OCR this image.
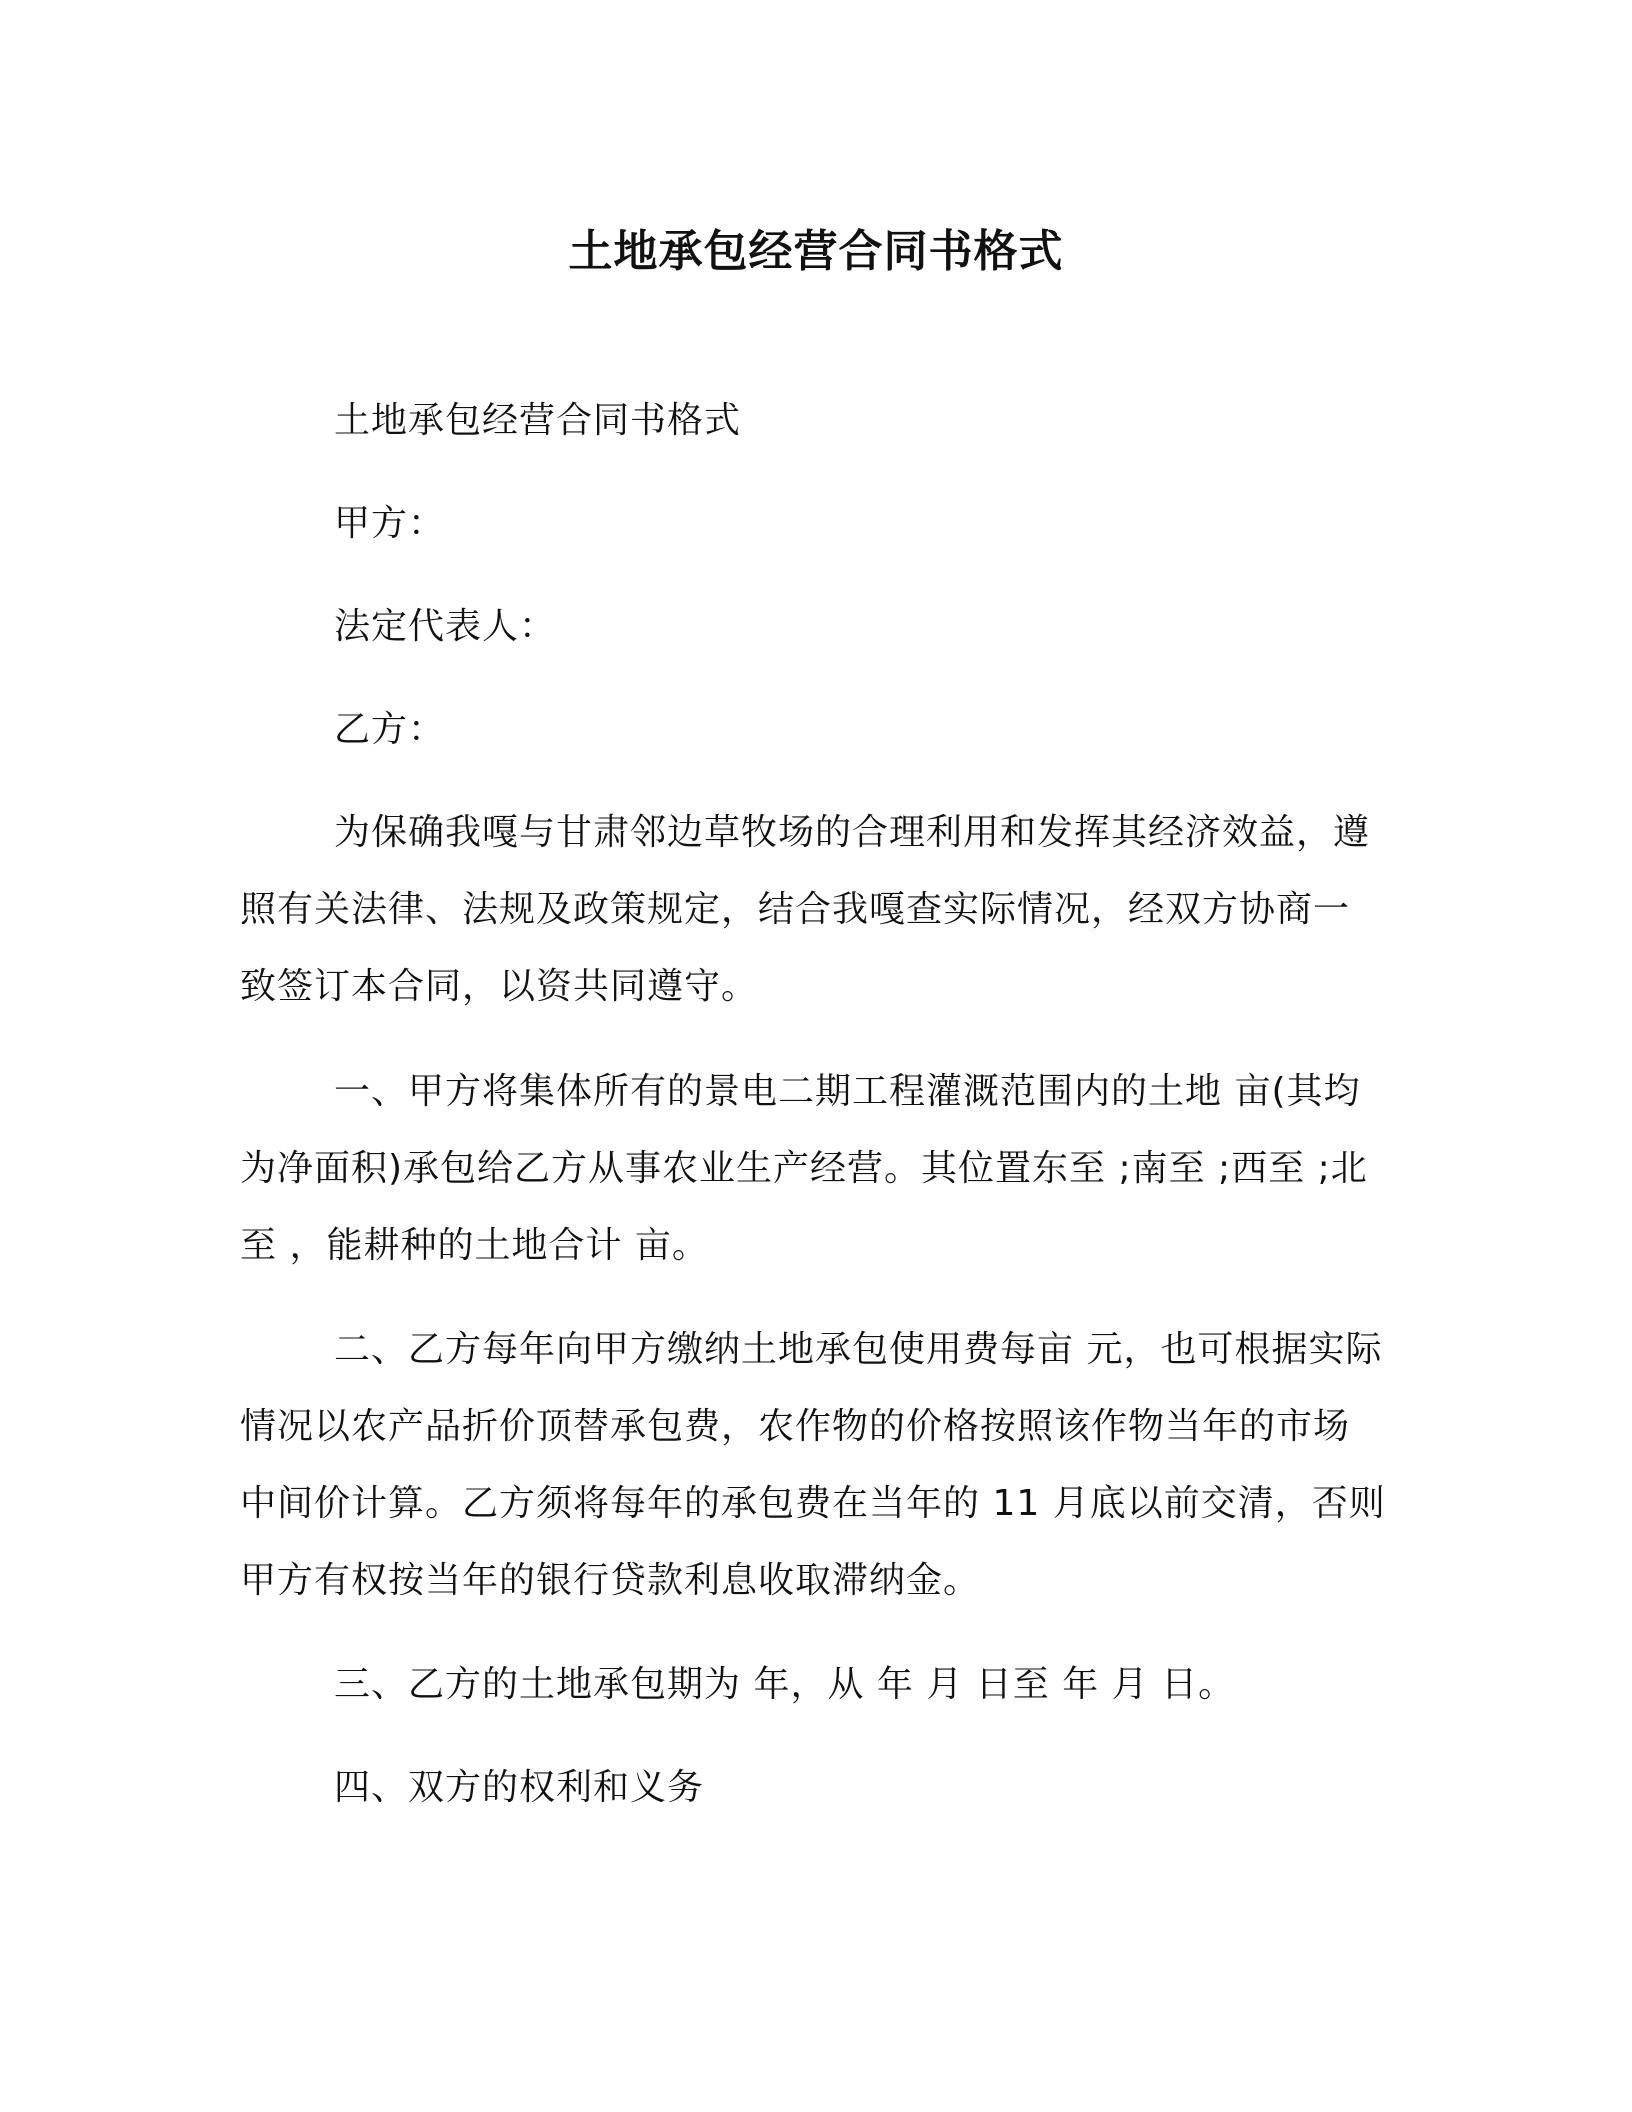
土地承包经营合同书格式
土地承包经营合同书格式
甲方：
法定代表人：
乙方：
为保确我嘎与甘肃邻边草牧场的合理利用和发挥其经济效益，遵
照有关法律、法规及政策规定，结合我嘎查实际情况，经双方协商一
致签订本合同，以资共同遵守。
一、甲方将集体所有的景电二期工程灌溉范围内的土地 亩(其均
为净面积)承包给乙方从事农业生产经营。其位置东至 ;南至 ;西至 ;北
至 ，能耕种的土地合计 亩。
二、乙方每年向甲方缴纳土地承包使用费每亩 元，也可根据实际
情况以农产品折价顶替承包费，农作物的价格按照该作物当年的市场
中间价计算。乙方须将每年的承包费在当年的 11 月底以前交清，否则
甲方有权按当年的银行贷款利息收取滞纳金。
三、乙方的土地承包期为 年，从 年 月 日至 年 月 日。
四、双方的权利和义务
